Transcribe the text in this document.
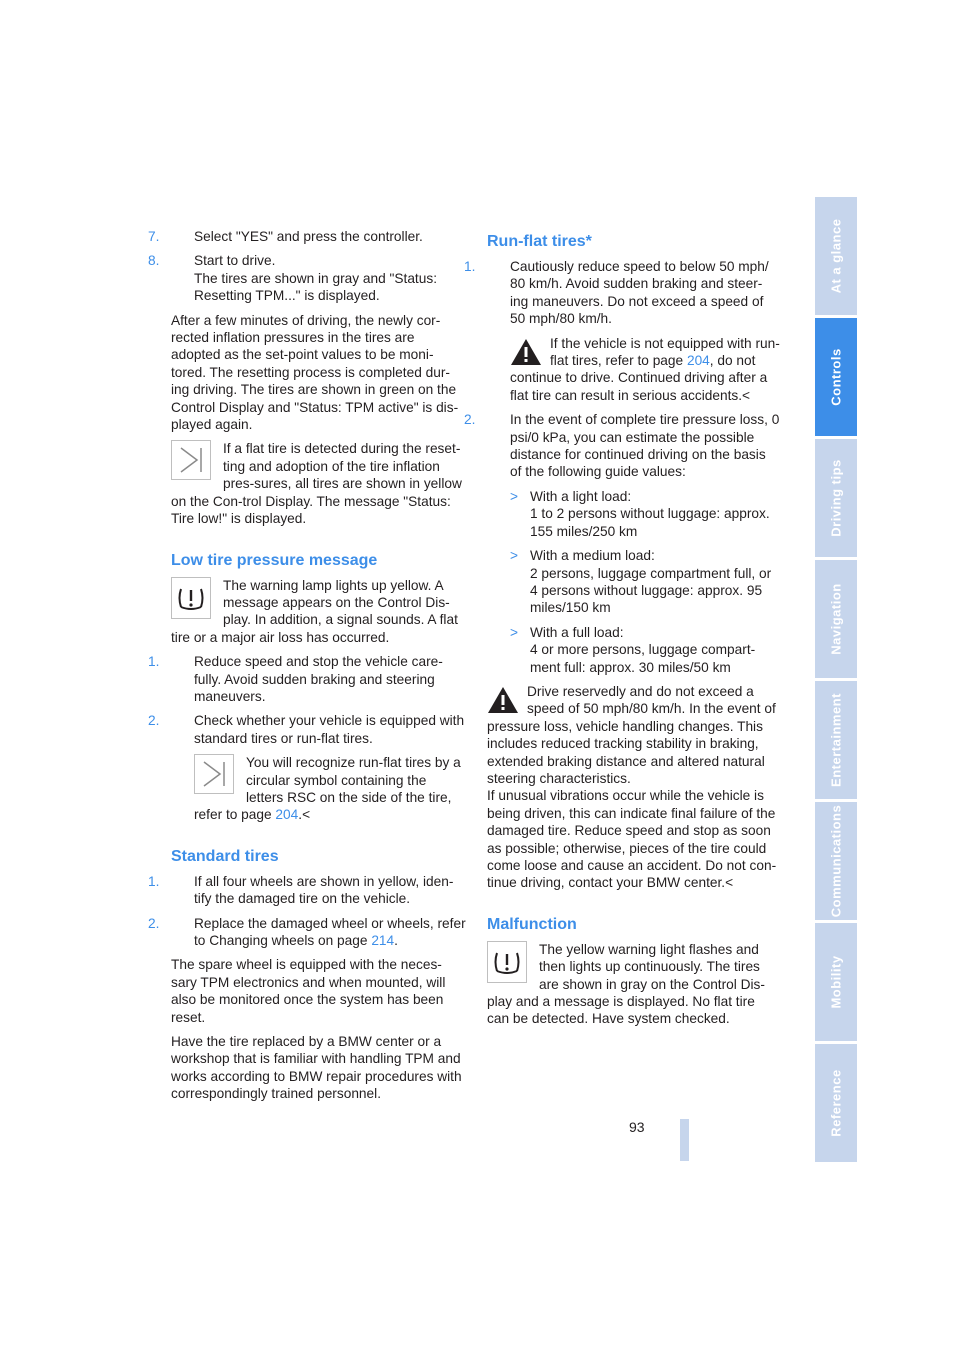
7.	Select "YES" and press the controller.
8.	Start to drive.
The tires are shown in gray and "Status: Resetting TPM..." is displayed.

After a few minutes of driving, the newly cor-rected inflation pressures in the tires are adopted as the set-point values to be moni-tored. The resetting process is completed dur-ing driving. The tires are shown in green on the Control Display and "Status: TPM active" is dis-played again.

If a flat tire is detected during the reset-ting and adoption of the tire inflation pres-sures, all tires are shown in yellow on the Con-trol Display. The message "Status: Tire low!" is displayed.

Low tire pressure message

The warning lamp lights up yellow. A message appears on the Control Dis-play. In addition, a signal sounds. A flat tire or a major air loss has occurred.

1.	Reduce speed and stop the vehicle care-fully. Avoid sudden braking and steering maneuvers.
2.	Check whether your vehicle is equipped with standard tires or run-flat tires.

You will recognize run-flat tires by a circular symbol containing the letters RSC on the side of the tire, refer to page 204.<

Standard tires
1.	If all four wheels are shown in yellow, iden-tify the damaged tire on the vehicle.
2.	Replace the damaged wheel or wheels, refer to Changing wheels on page 214.

The spare wheel is equipped with the neces-sary TPM electronics and when mounted, will also be monitored once the system has been reset.

Have the tire replaced by a BMW center or a workshop that is familiar with handling TPM and works according to BMW repair procedures with correspondingly trained personnel.

Run-flat tires*
1.	Cautiously reduce speed to below 50 mph/ 80 km/h. Avoid sudden braking and steer-ing maneuvers. Do not exceed a speed of 50 mph/80 km/h.

If the vehicle is not equipped with run-flat tires, refer to page 204, do not continue to drive. Continued driving after a flat tire can result in serious accidents.<

2.	In the event of complete tire pressure loss, 0 psi/0 kPa, you can estimate the possible distance for continued driving on the basis of the following guide values:
> With a light load:
1 to 2 persons without luggage: approx. 155 miles/250 km
> With a medium load:
2 persons, luggage compartment full, or 4 persons without luggage: approx. 95 miles/150 km
> With a full load:
4 or more persons, luggage compart-ment full: approx. 30 miles/50 km

Drive reservedly and do not exceed a speed of 50 mph/80 km/h. In the event of pressure loss, vehicle handling changes. This includes reduced tracking stability in braking, extended braking distance and altered natural steering characteristics.

If unusual vibrations occur while the vehicle is being driven, this can indicate final failure of the damaged tire. Reduce speed and stop as soon as possible; otherwise, pieces of the tire could come loose and cause an accident. Do not con-tinue driving, contact your BMW center.<

Malfunction

The yellow warning light flashes and then lights up continuously. The tires are shown in gray on the Control Dis-play and a message is displayed. No flat tire can be detected. Have system checked.

At a glance
Controls
Driving tips
Navigation
Entertainment
Communications
Mobility
Reference
93
